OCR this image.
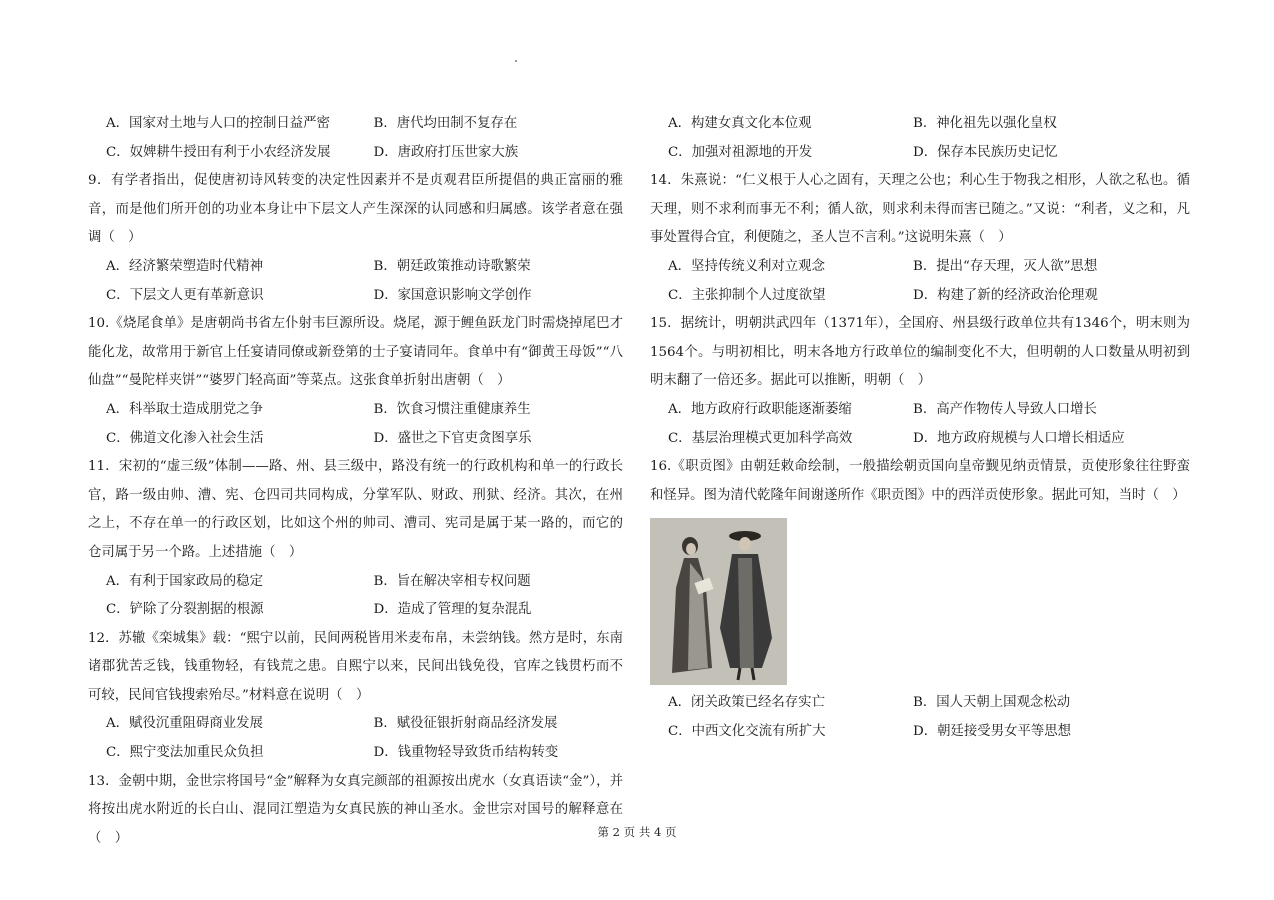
A．国家对土地与人口的控制日益严密	B．唐代均田制不复存在
C．奴婢耕牛授田有利于小农经济发展	D．唐政府打压世家大族

9．有学者指出，促使唐初诗风转变的决定性因素并不是贞观君臣所提倡的典正富丽的雅音，而是他们所开创的功业本身让中下层文人产生深深的认同感和归属感。该学者意在强调（　）

A．经济繁荣塑造时代精神	B．朝廷政策推动诗歌繁荣
C．下层文人更有革新意识	D．家国意识影响文学创作

10.《烧尾食单》是唐朝尚书省左仆射韦巨源所设。烧尾，源于鲤鱼跃龙门时需烧掉尾巴才能化龙，故常用于新官上任宴请同僚或新登第的士子宴请同年。食单中有“御黄王母饭”“八仙盘”“曼陀样夹饼”“婆罗门轻高面”等菜点。这张食单折射出唐朝（　）

A．科举取士造成朋党之争	B．饮食习惯注重健康养生
C．佛道文化渗入社会生活	D．盛世之下官吏贪图享乐

11．宋初的“虚三级”体制——路、州、县三级中，路没有统一的行政机构和单一的行政长官，路一级由帅、漕、宪、仓四司共同构成，分掌军队、财政、刑狱、经济。其次，在州之上，不存在单一的行政区划，比如这个州的帅司、漕司、宪司是属于某一路的，而它的仓司属于另一个路。上述措施（　）

A．有利于国家政局的稳定	B．旨在解决宰相专权问题
C．铲除了分裂割据的根源	D．造成了管理的复杂混乱

12．苏辙《栾城集》载：“熙宁以前，民间两税皆用米麦布帛，未尝纳钱。然方是时，东南诸郡犹苦乏钱，钱重物轻，有钱荒之患。自熙宁以来，民间出钱免役，官库之钱贯朽而不可较，民间官钱搜索殆尽。”材料意在说明（　）

A．赋役沉重阻碍商业发展	B．赋役征银折射商品经济发展
C．熙宁变法加重民众负担	D．钱重物轻导致货币结构转变

13．金朝中期，金世宗将国号“金”解释为女真完颜部的祖源按出虎水（女真语读“金”），并将按出虎水附近的长白山、混同江塑造为女真民族的神山圣水。金世宗对国号的解释意在（　）

A．构建女真文化本位观	B．神化祖先以强化皇权
C．加强对祖源地的开发	D．保存本民族历史记忆

14．朱熹说：“仁义根于人心之固有，天理之公也；利心生于物我之相形，人欲之私也。循天理，则不求利而事无不利；循人欲，则求利未得而害已随之。”又说：“利者，义之和，凡事处置得合宜，利便随之，圣人岂不言利。”这说明朱熹（　）

A．坚持传统义利对立观念	B．提出“存天理，灭人欲”思想
C．主张抑制个人过度欲望	D．构建了新的经济政治伦理观

15．据统计，明朝洪武四年（1371年），全国府、州县级行政单位共有1346个，明末则为1564个。与明初相比，明末各地方行政单位的编制变化不大，但明朝的人口数量从明初到明末翻了一倍还多。据此可以推断，明朝（　）

A．地方政府行政职能逐渐萎缩	B．高产作物传人导致人口增长
C．基层治理模式更加科学高效	D．地方政府规模与人口增长相适应

16.《职贡图》由朝廷敕命绘制，一般描绘朝贡国向皇帝觐见纳贡情景，贡使形象往往野蛮和怪异。图为清代乾隆年间谢遂所作《职贡图》中的西洋贡使形象。据此可知，当时（　）

A．闭关政策已经名存实亡	B．国人天朝上国观念松动
C．中西文化交流有所扩大	D．朝廷接受男女平等思想
第 2 页 共 4 页
